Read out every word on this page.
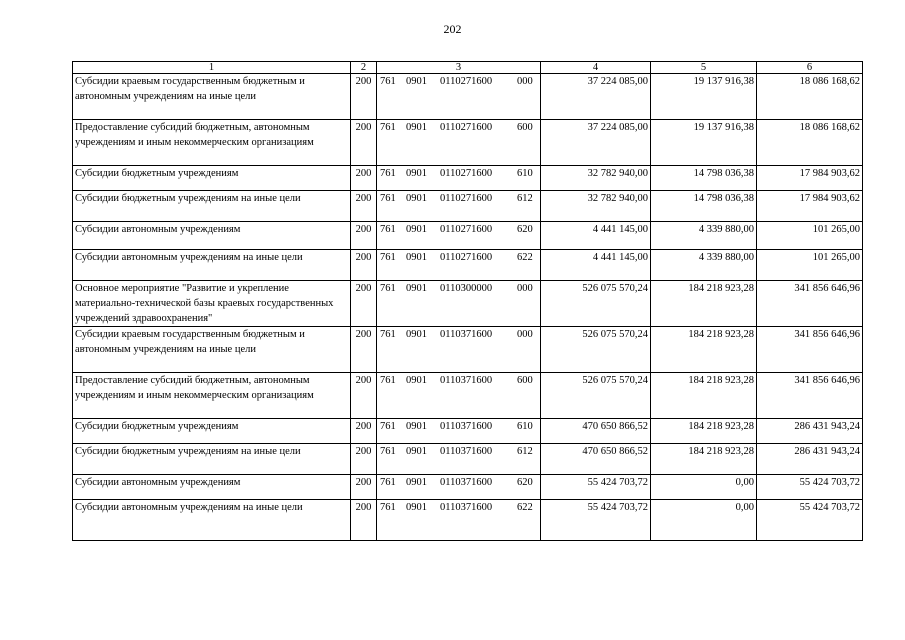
202
1	2	3	4	5	6
Субсидии краевым государственным бюджетным и автономным учреждениям на иные цели	200	761 0901 0110271600 000	37 224 085,00	19 137 916,38	18 086 168,62
Предоставление субсидий бюджетным, автономным учреждениям и иным некоммерческим организациям	200	761 0901 0110271600 600	37 224 085,00	19 137 916,38	18 086 168,62
Субсидии бюджетным учреждениям	200	761 0901 0110271600 610	32 782 940,00	14 798 036,38	17 984 903,62
Субсидии бюджетным учреждениям на иные цели	200	761 0901 0110271600 612	32 782 940,00	14 798 036,38	17 984 903,62
Субсидии автономным учреждениям	200	761 0901 0110271600 620	4 441 145,00	4 339 880,00	101 265,00
Субсидии автономным учреждениям на иные цели	200	761 0901 0110271600 622	4 441 145,00	4 339 880,00	101 265,00
Основное мероприятие "Развитие и укрепление материально-технической базы краевых государственных учреждений здравоохранения"	200	761 0901 0110300000 000	526 075 570,24	184 218 923,28	341 856 646,96
Субсидии краевым государственным бюджетным и автономным учреждениям на иные цели	200	761 0901 0110371600 000	526 075 570,24	184 218 923,28	341 856 646,96
Предоставление субсидий бюджетным, автономным учреждениям и иным некоммерческим организациям	200	761 0901 0110371600 600	526 075 570,24	184 218 923,28	341 856 646,96
Субсидии бюджетным учреждениям	200	761 0901 0110371600 610	470 650 866,52	184 218 923,28	286 431 943,24
Субсидии бюджетным учреждениям на иные цели	200	761 0901 0110371600 612	470 650 866,52	184 218 923,28	286 431 943,24
Субсидии автономным учреждениям	200	761 0901 0110371600 620	55 424 703,72	0,00	55 424 703,72
Субсидии автономным учреждениям на иные цели	200	761 0901 0110371600 622	55 424 703,72	0,00	55 424 703,72
